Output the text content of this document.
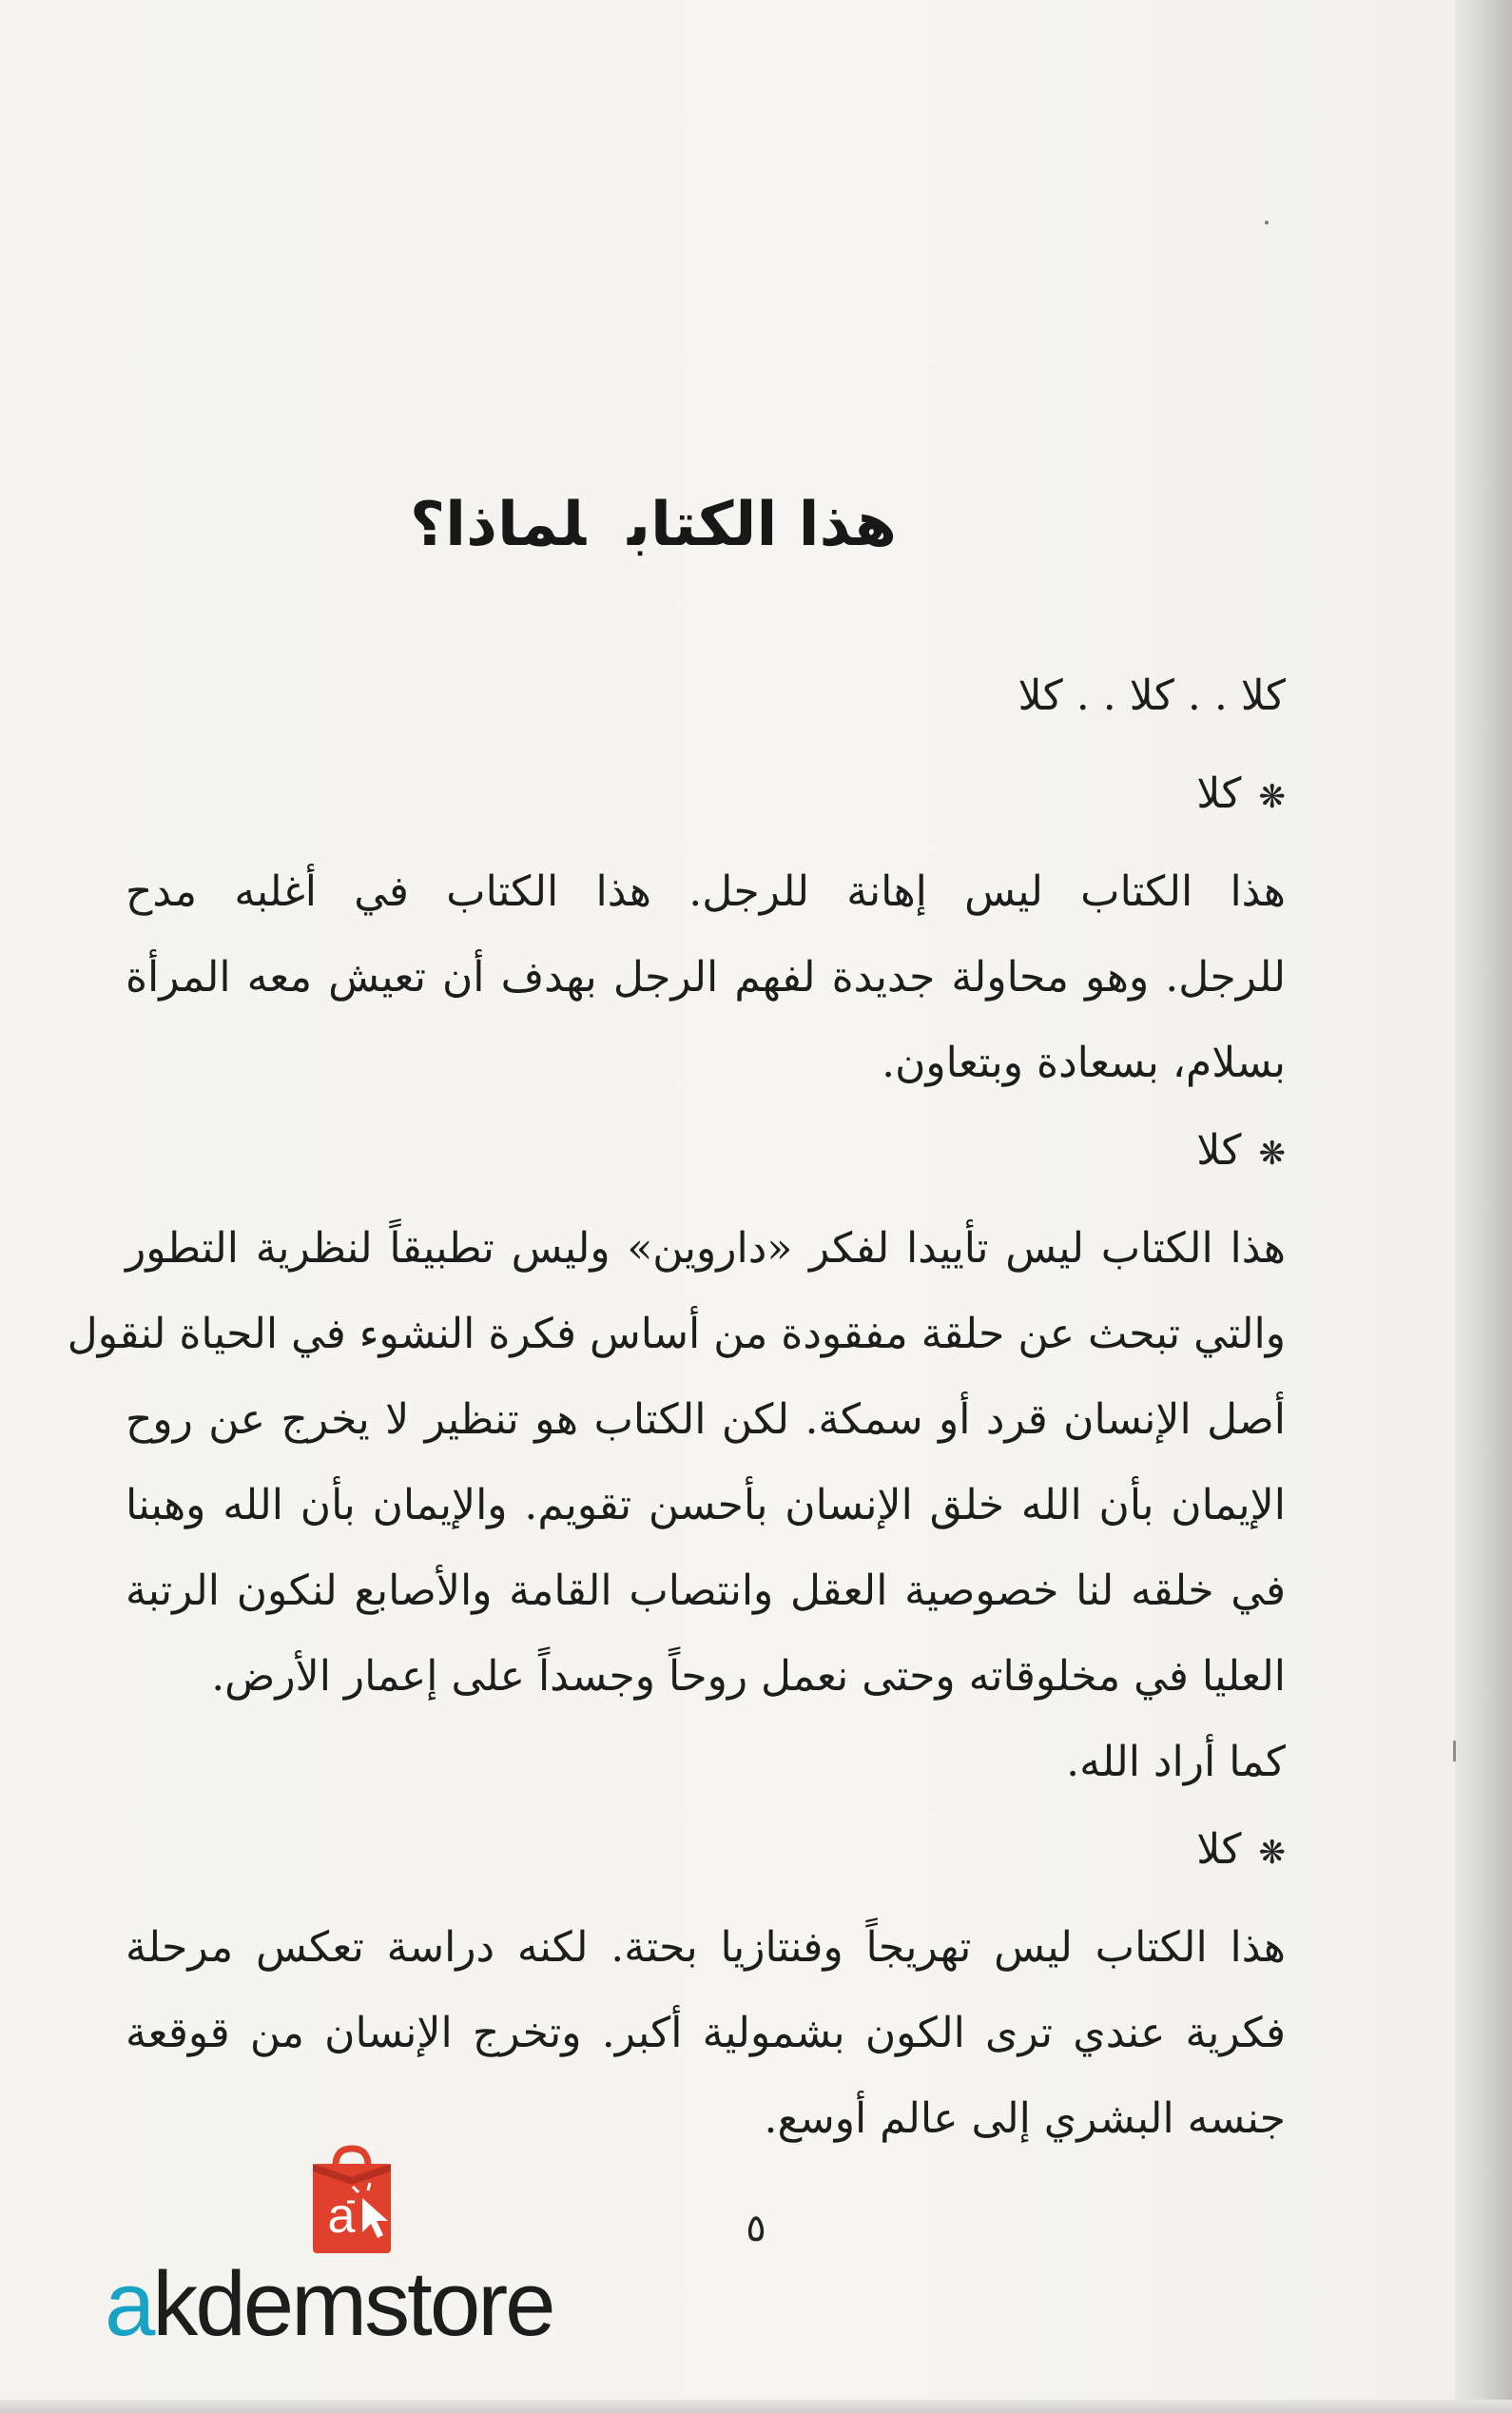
هذا الكتابلماذا؟
كلا . . كلا . . كلا
❋كلا
هذا الكتاب ليس إهانة للرجل. هذا الكتاب في أغلبه مدح
للرجل. وهو محاولة جديدة لفهم الرجل بهدف أن تعيش معه المرأة
بسلام، بسعادة وبتعاون.
❋كلا
هذا الكتاب ليس تأييدا لفكر «داروين» وليس تطبيقاً لنظرية التطور
والتي تبحث عن حلقة مفقودة من أساس فكرة النشوء في الحياة لنقول
أصل الإنسان قرد أو سمكة. لكن الكتاب هو تنظير لا يخرج عن روح
الإيمان بأن الله خلق الإنسان بأحسن تقويم. والإيمان بأن الله وهبنا
في خلقه لنا خصوصية العقل وانتصاب القامة والأصابع لنكون الرتبة
العليا في مخلوقاته وحتى نعمل روحاً وجسداً على إعمار الأرض.
كما أراد الله.
❋كلا
هذا الكتاب ليس تهريجاً وفنتازيا بحتة. لكنه دراسة تعكس مرحلة
فكرية عندي ترى الكون بشمولية أكبر. وتخرج الإنسان من قوقعة
جنسه البشري إلى عالم أوسع.
٥
a
akdemstore
